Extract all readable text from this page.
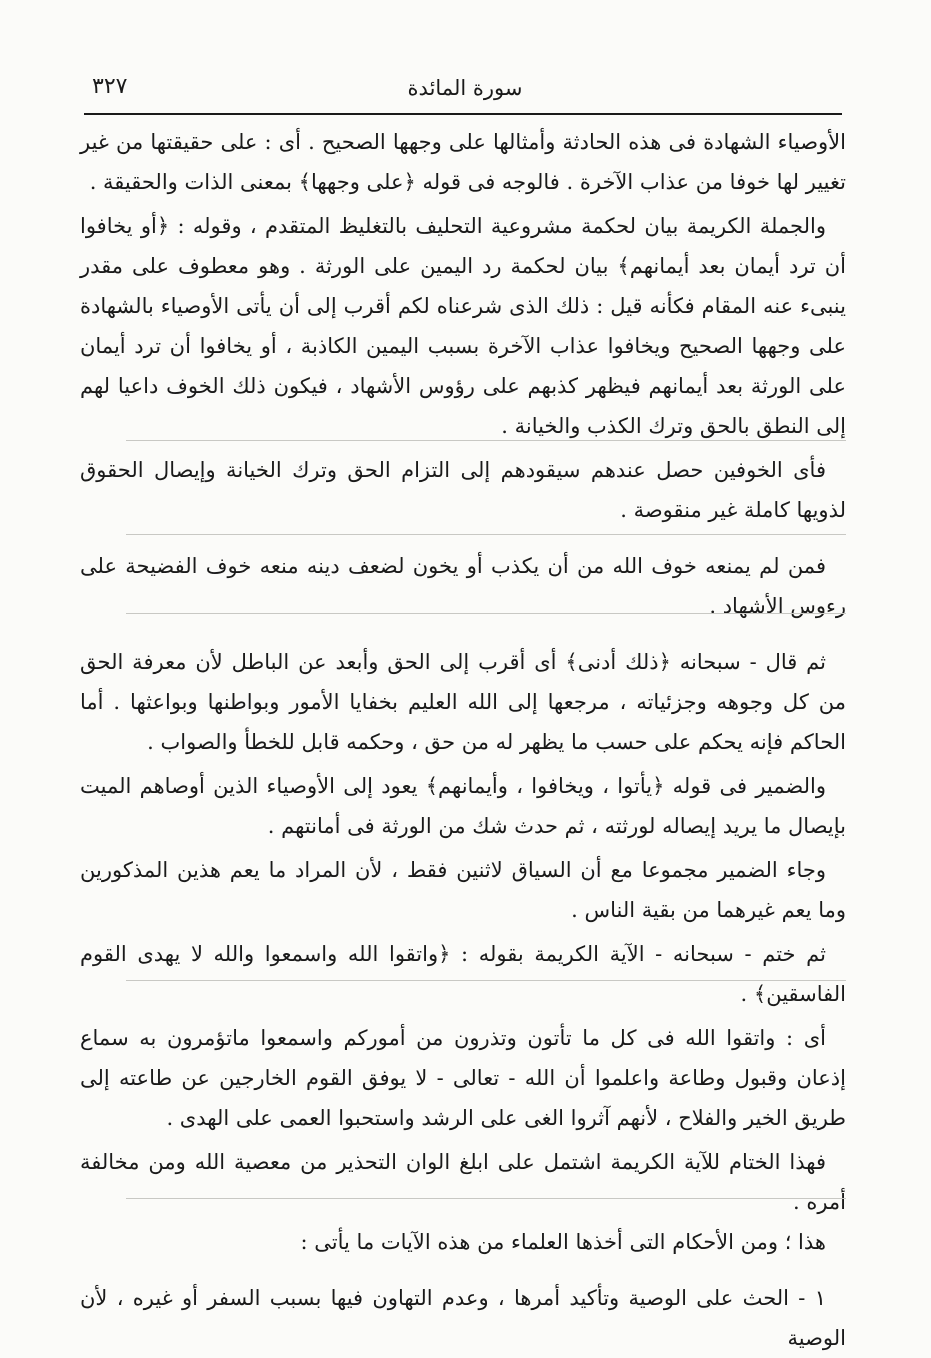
٣٢٧	سورة المائدة

الأوصياء الشهادة فى هذه الحادثة وأمثالها على وجهها الصحيح . أى : على حقيقتها من غير تغيير لها خوفا من عذاب الآخرة . فالوجه فى قوله ﴿على وجهها﴾ بمعنى الذات والحقيقة .

والجملة الكريمة بيان لحكمة مشروعية التحليف بالتغليظ المتقدم ، وقوله : ﴿أو يخافوا أن ترد أيمان بعد أيمانهم﴾ بيان لحكمة رد اليمين على الورثة . وهو معطوف على مقدر ينبىء عنه المقام فكأنه قيل : ذلك الذى شرعناه لكم أقرب إلى أن يأتى الأوصياء بالشهادة على وجهها الصحيح ويخافوا عذاب الآخرة بسبب اليمين الكاذبة ، أو يخافوا أن ترد أيمان على الورثة بعد أيمانهم فيظهر كذبهم على رؤوس الأشهاد ، فيكون ذلك الخوف داعيا لهم إلى النطق بالحق وترك الكذب والخيانة .

فأى الخوفين حصل عندهم سيقودهم إلى التزام الحق وترك الخيانة وإيصال الحقوق لذويها كاملة غير منقوصة .

فمن لم يمنعه خوف الله من أن يكذب أو يخون لضعف دينه منعه خوف الفضيحة على رءوس الأشهاد .

ثم قال - سبحانه ﴿ذلك أدنى﴾ أى أقرب إلى الحق وأبعد عن الباطل لأن معرفة الحق من كل وجوهه وجزئياته ، مرجعها إلى الله العليم بخفايا الأمور وبواطنها وبواعثها . أما الحاكم فإنه يحكم على حسب ما يظهر له من حق ، وحكمه قابل للخطأ والصواب .

والضمير فى قوله ﴿يأتوا ، ويخافوا ، وأيمانهم﴾ يعود إلى الأوصياء الذين أوصاهم الميت بإيصال ما يريد إيصاله لورثته ، ثم حدث شك من الورثة فى أمانتهم .

وجاء الضمير مجموعا مع أن السياق لاثنين فقط ، لأن المراد ما يعم هذين المذكورين وما يعم غيرهما من بقية الناس .

ثم ختم - سبحانه - الآية الكريمة بقوله : ﴿واتقوا الله واسمعوا والله لا يهدى القوم الفاسقين﴾ .

أى : واتقوا الله فى كل ما تأتون وتذرون من أموركم واسمعوا ماتؤمرون به سماع إذعان وقبول وطاعة واعلموا أن الله - تعالى - لا يوفق القوم الخارجين عن طاعته إلى طريق الخير والفلاح ، لأنهم آثروا الغى على الرشد واستحبوا العمى على الهدى .

فهذا الختام للآية الكريمة اشتمل على ابلغ الوان التحذير من معصية الله ومن مخالفة أمره .

هذا ؛ ومن الأحكام التى أخذها العلماء من هذه الآيات ما يأتى :

١ - الحث على الوصية وتأكيد أمرها ، وعدم التهاون فيها بسبب السفر أو غيره ، لأن الوصية
